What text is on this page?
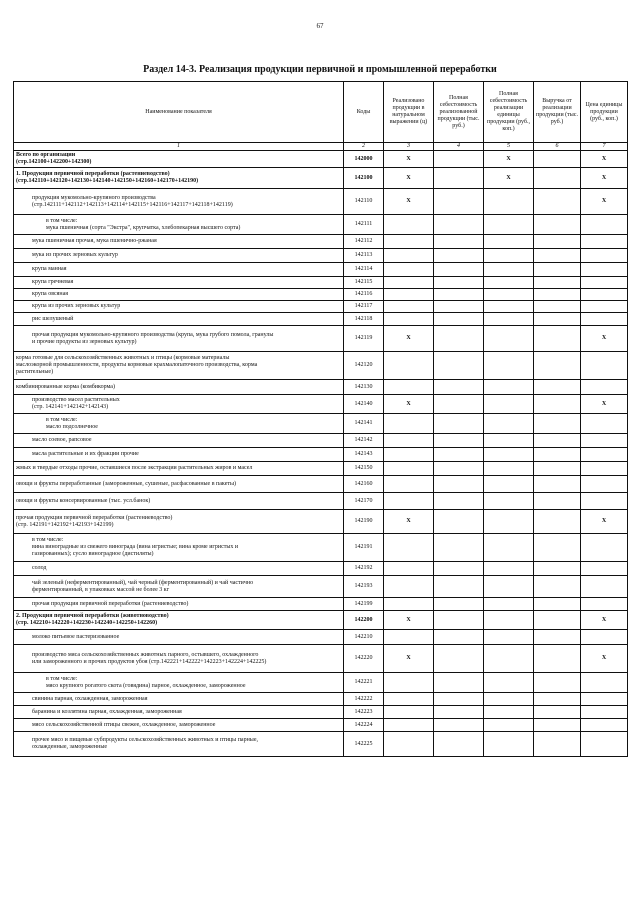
67
Раздел 14-3. Реализация продукции первичной и промышленной переработки
Наименование показателя	Коды	Реализовано продукции в натуральном выражении (ц)	Полная себестоимость реализованной продукции (тыс. руб.)	Полная себестоимость реализации единицы продукции (руб., коп.)	Выручка от реализации продукции (тыс. руб.)	Цена единицы продукции (руб., коп.)
1	2	3	4	5	6	7
Всего по организации
(стр.142100+142200+142300)	142000	X		X		X
1. Продукция первичной переработки (растениеводство)
(стр.142110+142120+142130+142140+142150+142160+142170+142190)	142100	X		X		X
продукция мукомольно-крупяного производства
(стр.142111+142112+142113+142114+142115+142116+142117+142118+142119)	142110	X				X
в том числе:
мука пшеничная (сорта "Экстра", крупчатка, хлебопекарная высшего сорта)	142111					
мука пшеничная прочая, мука пшенично-ржаная	142112					
мука из прочих зерновых культур	142113					
крупа манная	142114					
крупа гречневая	142115					
крупа овсяная	142116					
крупа из прочих зерновых культур	142117					
рис шелушеный	142118					
прочая продукция мукомольно-крупяного производства (крупа, мука грубого помола, гранулы
и прочие продукты из зерновых культур)	142119	X				X
корма готовые для сельскохозяйственных животных и птицы (кормовые материалы
маслоэкорной промышленности, продукты кормовые крахмалопаточного производства, корма
растительные)	142120					
комбинированные корма (комбикорма)	142130					
производство масел растительных
(стр. 142141+142142+142143)	142140	X				X
в том числе:
масло подсолнечное	142141					
масло соевое, рапсовое	142142					
масла растительные и их фракции прочие	142143					
жмых и твердые отходы прочие, оставшиеся после экстракции растительных жиров и масел	142150					
овощи и фрукты переработанные (замороженные, сушеные, расфасованные в пакеты)	142160					
овощи и фрукты консервированные (тыс. усл.банок)	142170					
прочая продукция первичной переработки (растениеводство)
(стр. 142191+142192+142193+142199)	142190	X				X
в том числе:
вина виноградные из свежего винограда (вина игристые; вина кроме игристых и
газированных); сусло виноградное (дистиляты)	142191					
солод	142192					
чай зеленый (неферментированный), чай черный (ферментированный) и чай частично
ферментированный, в упаковках массой не более 3 кг	142193					
прочая продукция первичной переработки (растениеводство)	142199					
2. Продукция первичной переработки (животноводство)
(стр. 142210+142220+142230+142240+142250+142260)	142200	X				X
молоко питьевое пастеризованное	142210					
производство мяса сельскохозяйственных животных парного, остывшего, охлажденного
или замороженного и прочих продуктов убоя (стр.142221+142222+142223+142224+142225)	142220	X				X
в том числе:
мясо крупного рогатого скота (говядина) парное, охлажденное, замороженное	142221					
свинина парная, охлажденная, замороженная	142222					
баранина и козлятина парная, охлажденная, замороженная	142223					
мясо сельскохозяйственной птицы свежее, охлажденное, замороженное	142224					
прочее мясо и пищевые субпродукты сельскохозяйственных животных и птицы парные,
охлажденные, замороженные	142225					
